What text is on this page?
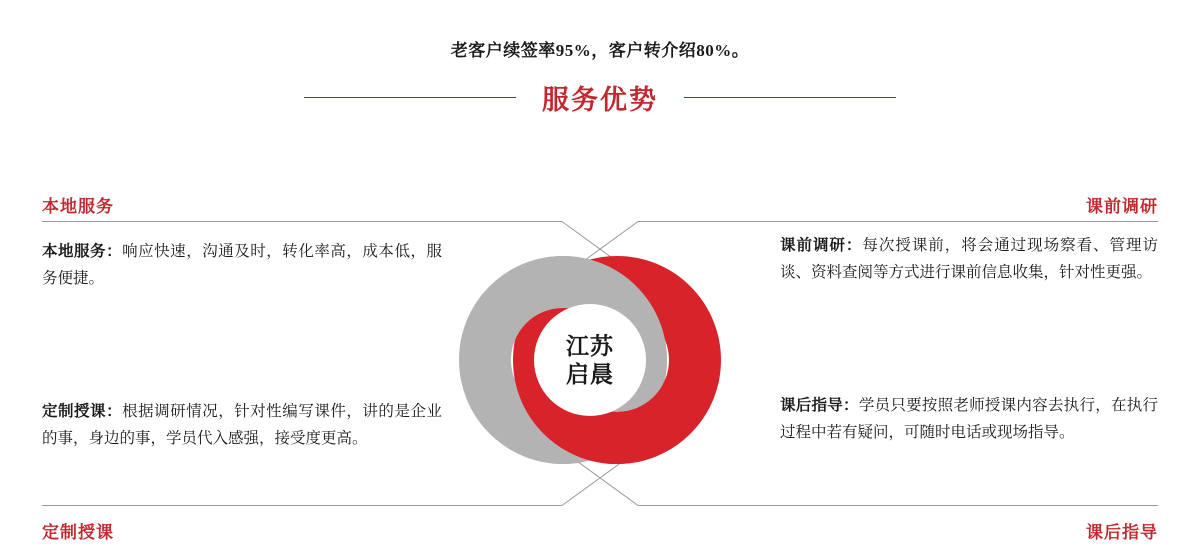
老客户续签率95%，客户转介绍80%。
服务优势
本地服务	课前调研
定制授课	课后指导
江苏
启晨
本地服务：响应快速，沟通及时，转化率高，成本低，服务便捷。
定制授课：根据调研情况，针对性编写课件，讲的是企业的事，身边的事，学员代入感强，接受度更高。
课前调研：每次授课前，将会通过现场察看、管理访谈、资料查阅等方式进行课前信息收集，针对性更强。
课后指导：学员只要按照老师授课内容去执行，在执行过程中若有疑问，可随时电话或现场指导。
